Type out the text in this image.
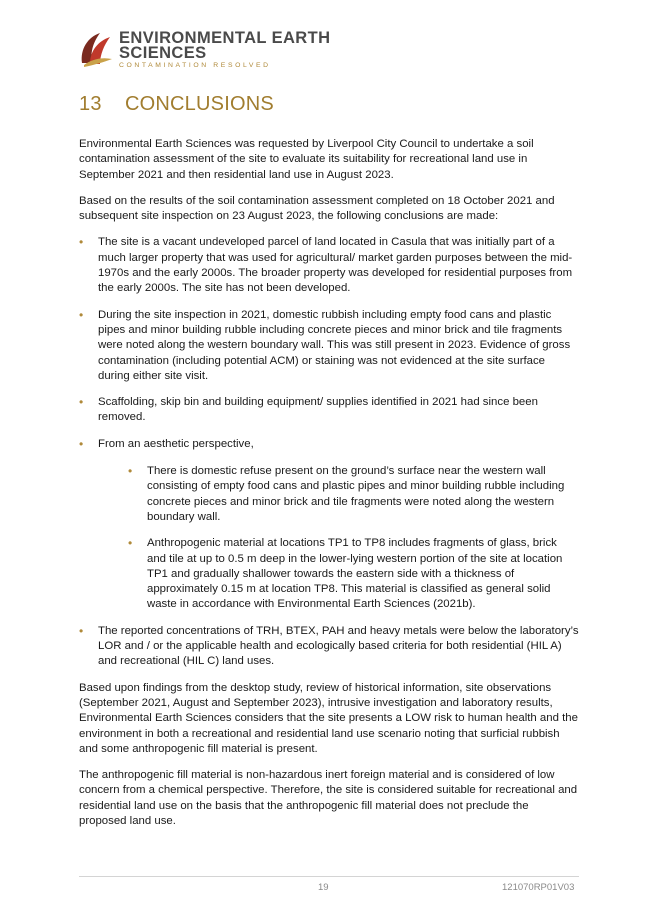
ENVIRONMENTAL EARTH
SCIENCES
CONTAMINATION RESOLVED
13 CONCLUSIONS

Environmental Earth Sciences was requested by Liverpool City Council to undertake a soil contamination assessment of the site to evaluate its suitability for recreational land use in September 2021 and then residential land use in August 2023.

Based on the results of the soil contamination assessment completed on 18 October 2021 and subsequent site inspection on 23 August 2023, the following conclusions are made:

• The site is a vacant undeveloped parcel of land located in Casula that was initially part of a much larger property that was used for agricultural/ market garden purposes between the mid-1970s and the early 2000s. The broader property was developed for residential purposes from the early 2000s. The site has not been developed.
• During the site inspection in 2021, domestic rubbish including empty food cans and plastic pipes and minor building rubble including concrete pieces and minor brick and tile fragments were noted along the western boundary wall. This was still present in 2023. Evidence of gross contamination (including potential ACM) or staining was not evidenced at the site surface during either site visit.
• Scaffolding, skip bin and building equipment/ supplies identified in 2021 had since been removed.
• From an aesthetic perspective,
• There is domestic refuse present on the ground’s surface near the western wall consisting of empty food cans and plastic pipes and minor building rubble including concrete pieces and minor brick and tile fragments were noted along the western boundary wall.
• Anthropogenic material at locations TP1 to TP8 includes fragments of glass, brick and tile at up to 0.5 m deep in the lower-lying western portion of the site at location TP1 and gradually shallower towards the eastern side with a thickness of approximately 0.15 m at location TP8. This material is classified as general solid waste in accordance with Environmental Earth Sciences (2021b).
• The reported concentrations of TRH, BTEX, PAH and heavy metals were below the laboratory’s LOR and / or the applicable health and ecologically based criteria for both residential (HIL A) and recreational (HIL C) land uses.

Based upon findings from the desktop study, review of historical information, site observations (September 2021, August and September 2023), intrusive investigation and laboratory results, Environmental Earth Sciences considers that the site presents a LOW risk to human health and the environment in both a recreational and residential land use scenario noting that surficial rubbish and some anthropogenic fill material is present.

The anthropogenic fill material is non-hazardous inert foreign material and is considered of low concern from a chemical perspective. Therefore, the site is considered suitable for recreational and residential land use on the basis that the anthropogenic fill material does not preclude the proposed land use.

19	121070RP01V03
